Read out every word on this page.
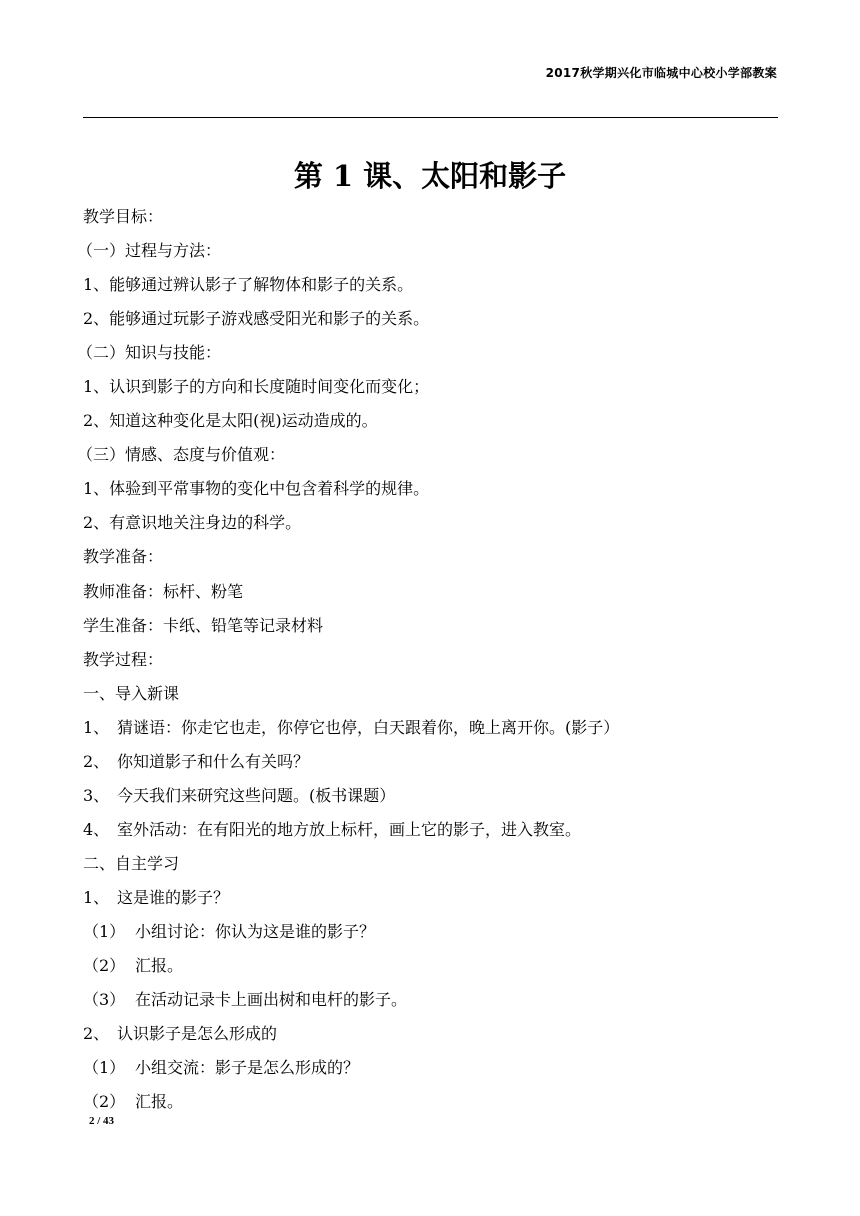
2017秋学期兴化市临城中心校小学部教案
第 1 课、太阳和影子
教学目标：
（一）过程与方法：
1、能够通过辨认影子了解物体和影子的关系。
2、能够通过玩影子游戏感受阳光和影子的关系。
（二）知识与技能：
1、认识到影子的方向和长度随时间变化而变化；
2、知道这种变化是太阳(视)运动造成的。
（三）情感、态度与价值观：
1、体验到平常事物的变化中包含着科学的规律。
2、有意识地关注身边的科学。
教学准备：
教师准备：标杆、粉笔
学生准备：卡纸、铅笔等记录材料
教学过程：
一、导入新课
1、 猜谜语：你走它也走，你停它也停，白天跟着你，晚上离开你。(影子）
2、 你知道影子和什么有关吗？
3、 今天我们来研究这些问题。(板书课题）
4、 室外活动：在有阳光的地方放上标杆，画上它的影子，进入教室。
二、自主学习
1、 这是谁的影子？
（1） 小组讨论：你认为这是谁的影子？
（2） 汇报。
（3） 在活动记录卡上画出树和电杆的影子。
2、 认识影子是怎么形成的
（1） 小组交流：影子是怎么形成的？
（2） 汇报。
2 / 43
